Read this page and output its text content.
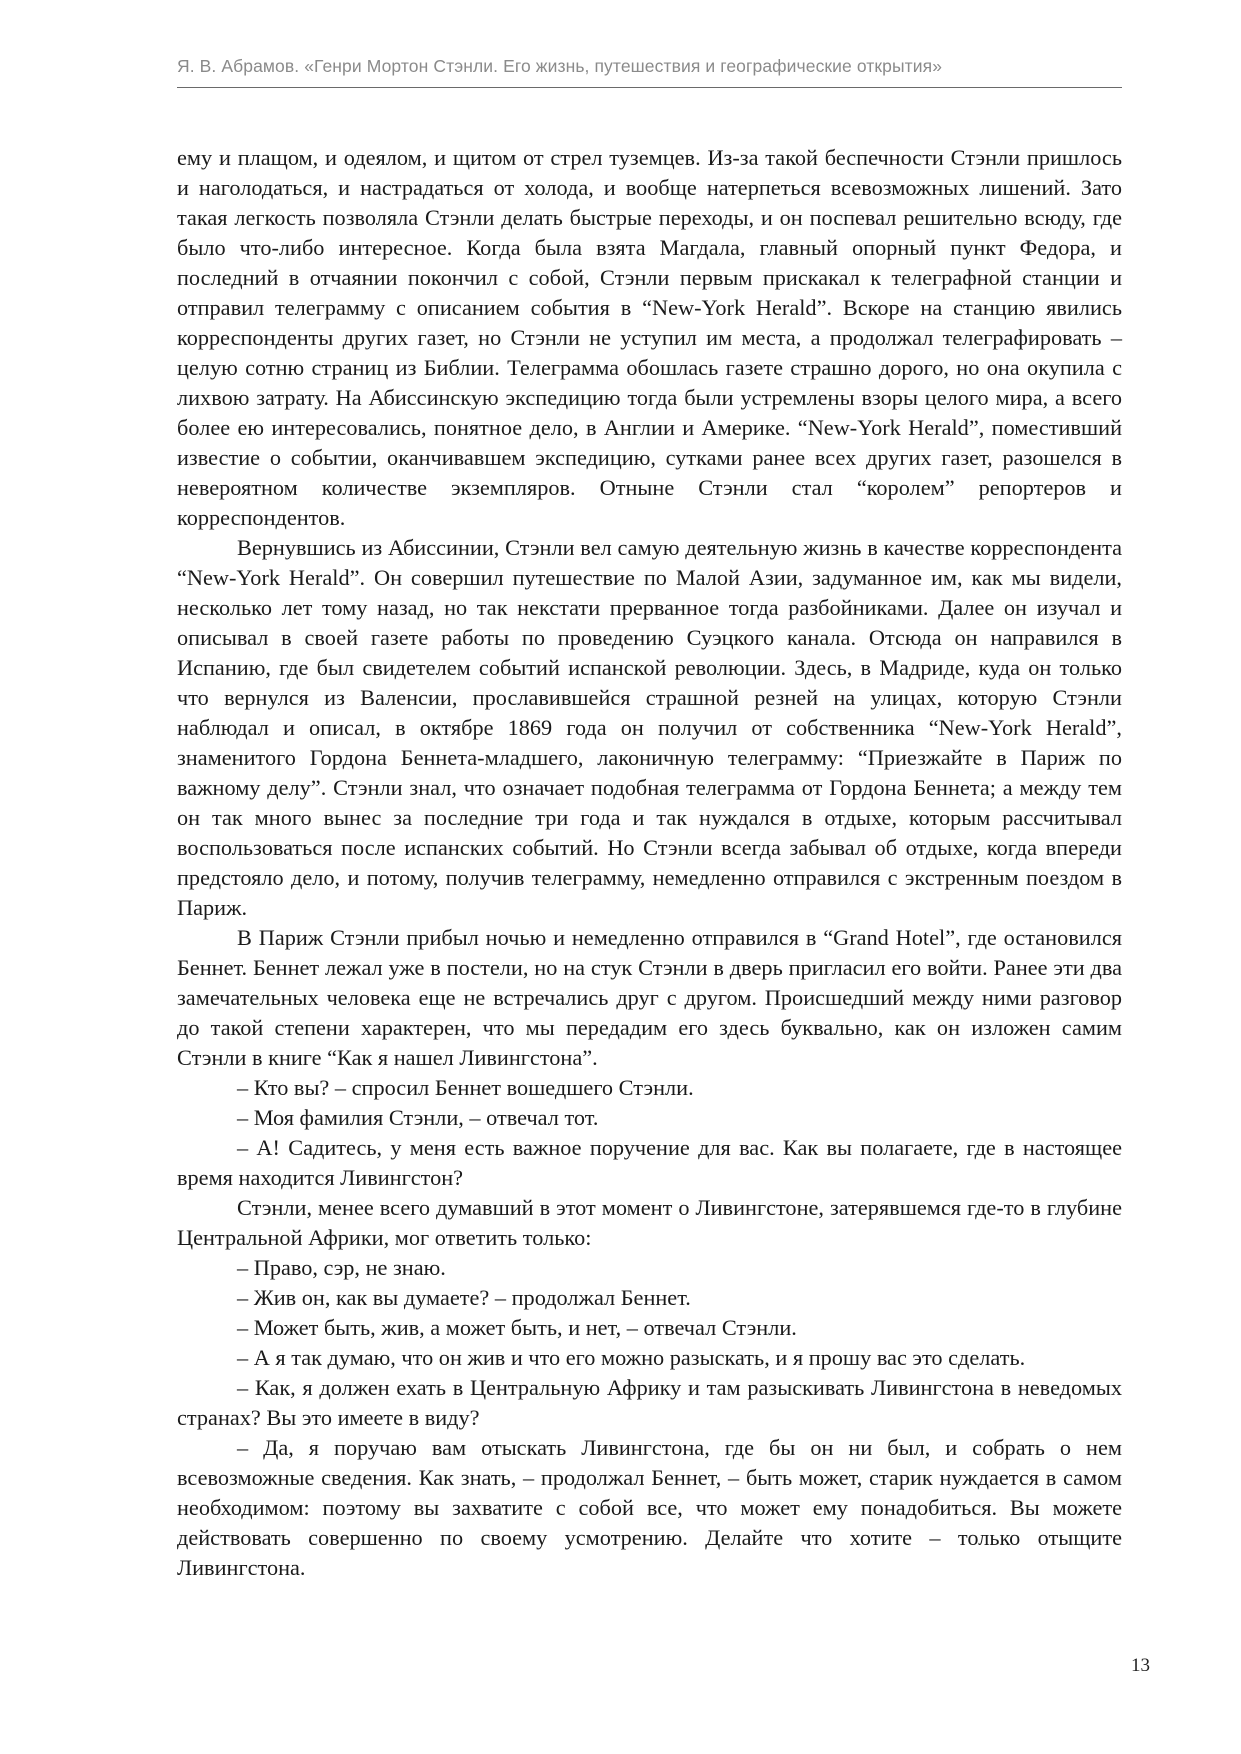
Я. В. Абрамов. «Генри Мортон Стэнли. Его жизнь, путешествия и географические открытия»

ему и плащом, и одеялом, и щитом от стрел туземцев. Из-за такой беспечности Стэнли пришлось и наголодаться, и настрадаться от холода, и вообще натерпеться всевозможных лишений. Зато такая легкость позволяла Стэнли делать быстрые переходы, и он поспевал решительно всюду, где было что-либо интересное. Когда была взята Магдала, главный опорный пункт Федора, и последний в отчаянии покончил с собой, Стэнли первым прискакал к телеграфной станции и отправил телеграмму с описанием события в “New-York Herald”. Вскоре на станцию явились корреспонденты других газет, но Стэнли не уступил им места, а продолжал телеграфировать – целую сотню страниц из Библии. Телеграмма обошлась газете страшно дорого, но она окупила с лихвою затрату. На Абиссинскую экспедицию тогда были устремлены взоры целого мира, а всего более ею интересовались, понятное дело, в Англии и Америке. “New-York Herald”, поместивший известие о событии, оканчивавшем экспедицию, сутками ранее всех других газет, разошелся в невероятном количестве экземпляров. Отныне Стэнли стал “королем” репортеров и корреспондентов.

Вернувшись из Абиссинии, Стэнли вел самую деятельную жизнь в качестве корреспондента “New-York Herald”. Он совершил путешествие по Малой Азии, задуманное им, как мы видели, несколько лет тому назад, но так некстати прерванное тогда разбойниками. Далее он изучал и описывал в своей газете работы по проведению Суэцкого канала. Отсюда он направился в Испанию, где был свидетелем событий испанской революции. Здесь, в Мадриде, куда он только что вернулся из Валенсии, прославившейся страшной резней на улицах, которую Стэнли наблюдал и описал, в октябре 1869 года он получил от собственника “New-York Herald”, знаменитого Гордона Беннета-младшего, лаконичную телеграмму: “Приезжайте в Париж по важному делу”. Стэнли знал, что означает подобная телеграмма от Гордона Беннета; а между тем он так много вынес за последние три года и так нуждался в отдыхе, которым рассчитывал воспользоваться после испанских событий. Но Стэнли всегда забывал об отдыхе, когда впереди предстояло дело, и потому, получив телеграмму, немедленно отправился с экстренным поездом в Париж.

В Париж Стэнли прибыл ночью и немедленно отправился в “Grand Hotel”, где остановился Беннет. Беннет лежал уже в постели, но на стук Стэнли в дверь пригласил его войти. Ранее эти два замечательных человека еще не встречались друг с другом. Происшедший между ними разговор до такой степени характерен, что мы передадим его здесь буквально, как он изложен самим Стэнли в книге “Как я нашел Ливингстона”.

– Кто вы? – спросил Беннет вошедшего Стэнли.

– Моя фамилия Стэнли, – отвечал тот.

– А! Садитесь, у меня есть важное поручение для вас. Как вы полагаете, где в настоящее время находится Ливингстон?

Стэнли, менее всего думавший в этот момент о Ливингстоне, затерявшемся где-то в глубине Центральной Африки, мог ответить только:

– Право, сэр, не знаю.

– Жив он, как вы думаете? – продолжал Беннет.

– Может быть, жив, а может быть, и нет, – отвечал Стэнли.

– А я так думаю, что он жив и что его можно разыскать, и я прошу вас это сделать.

– Как, я должен ехать в Центральную Африку и там разыскивать Ливингстона в неведомых странах? Вы это имеете в виду?

– Да, я поручаю вам отыскать Ливингстона, где бы он ни был, и собрать о нем всевозможные сведения. Как знать, – продолжал Беннет, – быть может, старик нуждается в самом необходимом: поэтому вы захватите с собой все, что может ему понадобиться. Вы можете действовать совершенно по своему усмотрению. Делайте что хотите – только отыщите Ливингстона.

13
